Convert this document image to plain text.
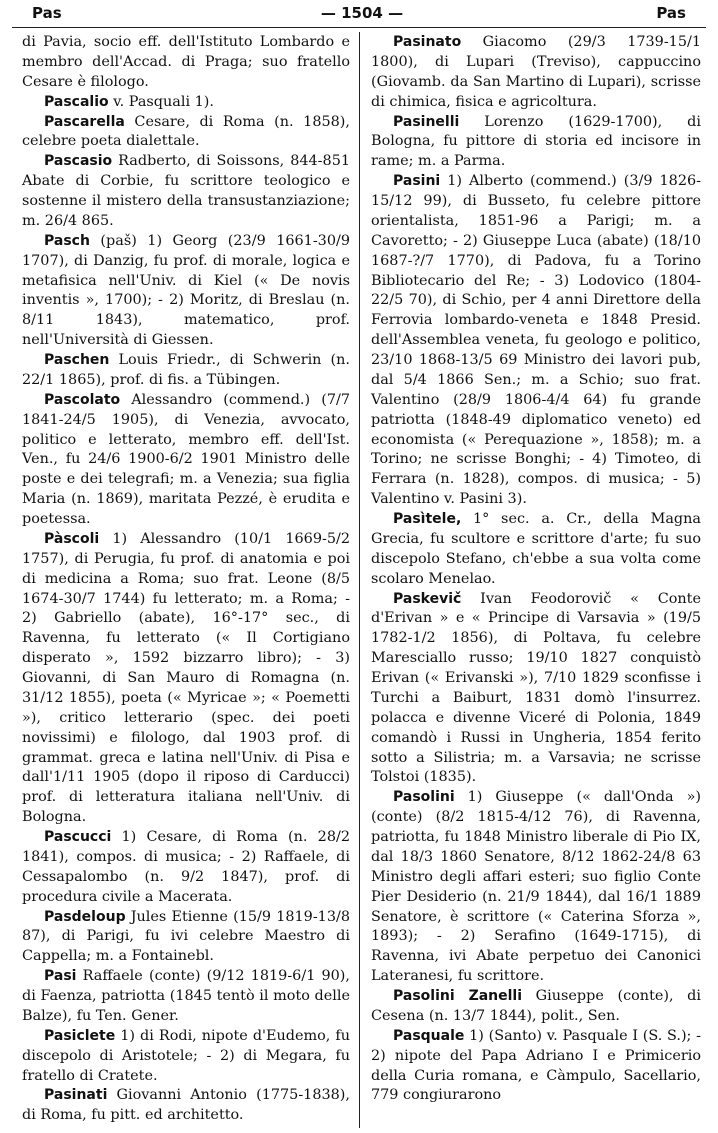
Pas	— 1504 —	Pas

di Pavia, socio eff. dell'Istituto Lombardo e membro dell'Accad. di Praga; suo fratello Cesare è filologo.

Pascalio v. Pasquali 1).

Pascarella Cesare, di Roma (n. 1858), celebre poeta dialettale.

Pascasio Radberto, di Soissons, 844-851 Abate di Corbie, fu scrittore teologico e sostenne il mistero della transustanziazione; m. 26/4 865.

Pasch (paš) 1) Georg (23/9 1661-30/9 1707), di Danzig, fu prof. di morale, logica e metafisica nell'Univ. di Kiel (« De novis inventis », 1700); - 2) Moritz, di Breslau (n. 8/11 1843), matematico, prof. nell'Università di Giessen.

Paschen Louis Friedr., di Schwerin (n. 22/1 1865), prof. di fis. a Tübingen.

Pascolato Alessandro (commend.) (7/7 1841-24/5 1905), di Venezia, avvocato, politico e letterato, membro eff. dell'Ist. Ven., fu 24/6 1900-6/2 1901 Ministro delle poste e dei telegrafi; m. a Venezia; sua figlia Maria (n. 1869), maritata Pezzé, è erudita e poetessa.

Pàscoli 1) Alessandro (10/1 1669-5/2 1757), di Perugia, fu prof. di anatomia e poi di medicina a Roma; suo frat. Leone (8/5 1674-30/7 1744) fu letterato; m. a Roma; - 2) Gabriello (abate), 16°-17° sec., di Ravenna, fu letterato (« Il Cortigiano disperato », 1592 bizzarro libro); - 3) Giovanni, di San Mauro di Romagna (n. 31/12 1855), poeta (« Myricae »; « Poemetti »), critico letterario (spec. dei poeti novissimi) e filologo, dal 1903 prof. di grammat. greca e latina nell'Univ. di Pisa e dall'1/11 1905 (dopo il riposo di Carducci) prof. di letteratura italiana nell'Univ. di Bologna.

Pascucci 1) Cesare, di Roma (n. 28/2 1841), compos. di musica; - 2) Raffaele, di Cessapalombo (n. 9/2 1847), prof. di procedura civile a Macerata.

Pasdeloup Jules Etienne (15/9 1819-13/8 87), di Parigi, fu ivi celebre Maestro di Cappella; m. a Fontainebl.

Pasi Raffaele (conte) (9/12 1819-6/1 90), di Faenza, patriotta (1845 tentò il moto delle Balze), fu Ten. Gener.

Pasiclete 1) di Rodi, nipote d'Eudemo, fu discepolo di Aristotele; - 2) di Megara, fu fratello di Cratete.

Pasinati Giovanni Antonio (1775-1838), di Roma, fu pitt. ed architetto.

Pasinato Giacomo (29/3 1739-15/1 1800), di Lupari (Treviso), cappuccino (Giovamb. da San Martino di Lupari), scrisse di chimica, fisica e agricoltura.

Pasinelli Lorenzo (1629-1700), di Bologna, fu pittore di storia ed incisore in rame; m. a Parma.

Pasini 1) Alberto (commend.) (3/9 1826-15/12 99), di Busseto, fu celebre pittore orientalista, 1851-96 a Parigi; m. a Cavoretto; - 2) Giuseppe Luca (abate) (18/10 1687-?/7 1770), di Padova, fu a Torino Bibliotecario del Re; - 3) Lodovico (1804-22/5 70), di Schio, per 4 anni Direttore della Ferrovia lombardo-veneta e 1848 Presid. dell'Assemblea veneta, fu geologo e politico, 23/10 1868-13/5 69 Ministro dei lavori pub, dal 5/4 1866 Sen.; m. a Schio; suo frat. Valentino (28/9 1806-4/4 64) fu grande patriotta (1848-49 diplomatico veneto) ed economista (« Perequazione », 1858); m. a Torino; ne scrisse Bonghi; - 4) Timoteo, di Ferrara (n. 1828), compos. di musica; - 5) Valentino v. Pasini 3).

Pasìtele, 1° sec. a. Cr., della Magna Grecia, fu scultore e scrittore d'arte; fu suo discepolo Stefano, ch'ebbe a sua volta come scolaro Menelao.

Paskevič Ivan Feodorovič « Conte d'Erivan » e « Principe di Varsavia » (19/5 1782-1/2 1856), di Poltava, fu celebre Maresciallo russo; 19/10 1827 conquistò Erivan (« Erivanski »), 7/10 1829 sconfisse i Turchi a Baiburt, 1831 domò l'insurrez. polacca e divenne Viceré di Polonia, 1849 comandò i Russi in Ungheria, 1854 ferito sotto a Silistria; m. a Varsavia; ne scrisse Tolstoi (1835).

Pasolini 1) Giuseppe (« dall'Onda ») (conte) (8/2 1815-4/12 76), di Ravenna, patriotta, fu 1848 Ministro liberale di Pio IX, dal 18/3 1860 Senatore, 8/12 1862-24/8 63 Ministro degli affari esteri; suo figlio Conte Pier Desiderio (n. 21/9 1844), dal 16/1 1889 Senatore, è scrittore (« Caterina Sforza », 1893); - 2) Serafino (1649-1715), di Ravenna, ivi Abate perpetuo dei Canonici Lateranesi, fu scrittore.

Pasolini Zanelli Giuseppe (conte), di Cesena (n. 13/7 1844), polit., Sen.

Pasquale 1) (Santo) v. Pasquale I (S. S.); - 2) nipote del Papa Adriano I e Primicerio della Curia romana, e Càmpulo, Sacellario, 779 congiurarono
